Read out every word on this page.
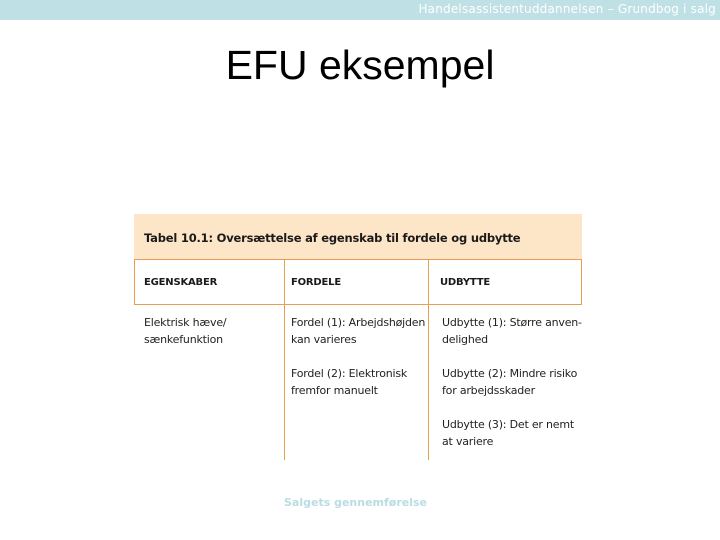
Handelsassistentuddannelsen – Grundbog i salg
EFU eksempel
Tabel 10.1: Oversættelse af egenskab til fordele og udbytte
EGENSKABER	FORDELE	UDBYTTE
Elektrisk hæve/
sænkefunktion
Fordel (1): Arbejdshøjden
kan varieres
Fordel (2): Elektronisk
fremfor manuelt
Udbytte (1): Større anven-
delighed
Udbytte (2): Mindre risiko
for arbejdsskader
Udbytte (3): Det er nemt
at variere
Salgets gennemførelse
